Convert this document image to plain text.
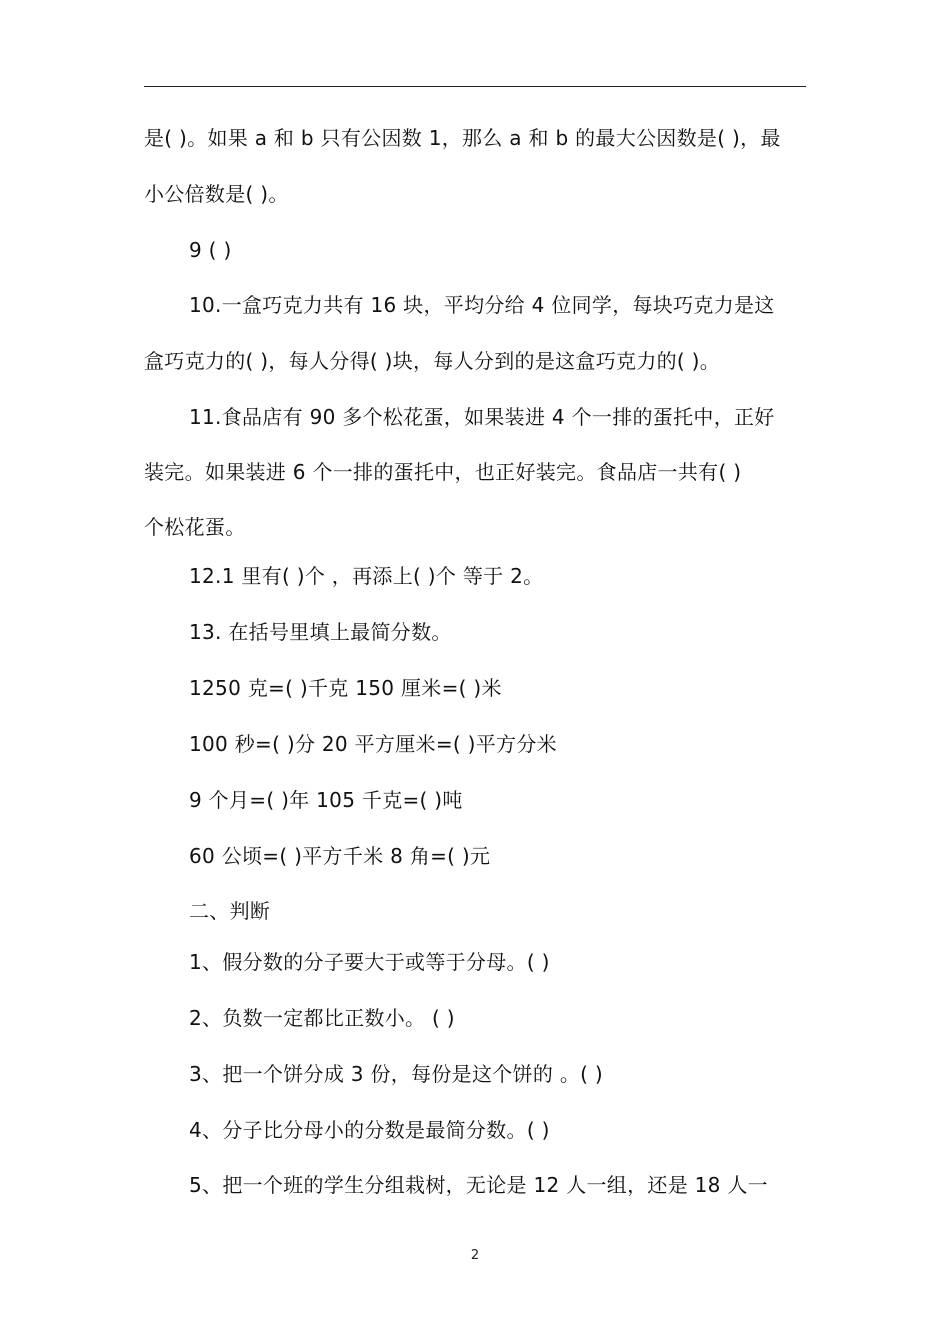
是( )。如果 a 和 b 只有公因数 1，那么 a 和 b 的最大公因数是( )，最
小公倍数是( )。
9 ( )
10.一盒巧克力共有 16 块，平均分给 4 位同学，每块巧克力是这
盒巧克力的( )，每人分得( )块，每人分到的是这盒巧克力的( )。
11.食品店有 90 多个松花蛋，如果装进 4 个一排的蛋托中，正好
装完。如果装进 6 个一排的蛋托中，也正好装完。食品店一共有( )
个松花蛋。
12.1 里有( )个 ，再添上( )个 等于 2。
13. 在括号里填上最简分数。
1250 克=( )千克 150 厘米=( )米
100 秒=( )分 20 平方厘米=( )平方分米
9 个月=( )年 105 千克=( )吨
60 公顷=( )平方千米 8 角=( )元
二、判断
1、假分数的分子要大于或等于分母。( )
2、负数一定都比正数小。 ( )
3、把一个饼分成 3 份，每份是这个饼的 。( )
4、分子比分母小的分数是最简分数。( )
5、把一个班的学生分组栽树，无论是 12 人一组，还是 18 人一
2
